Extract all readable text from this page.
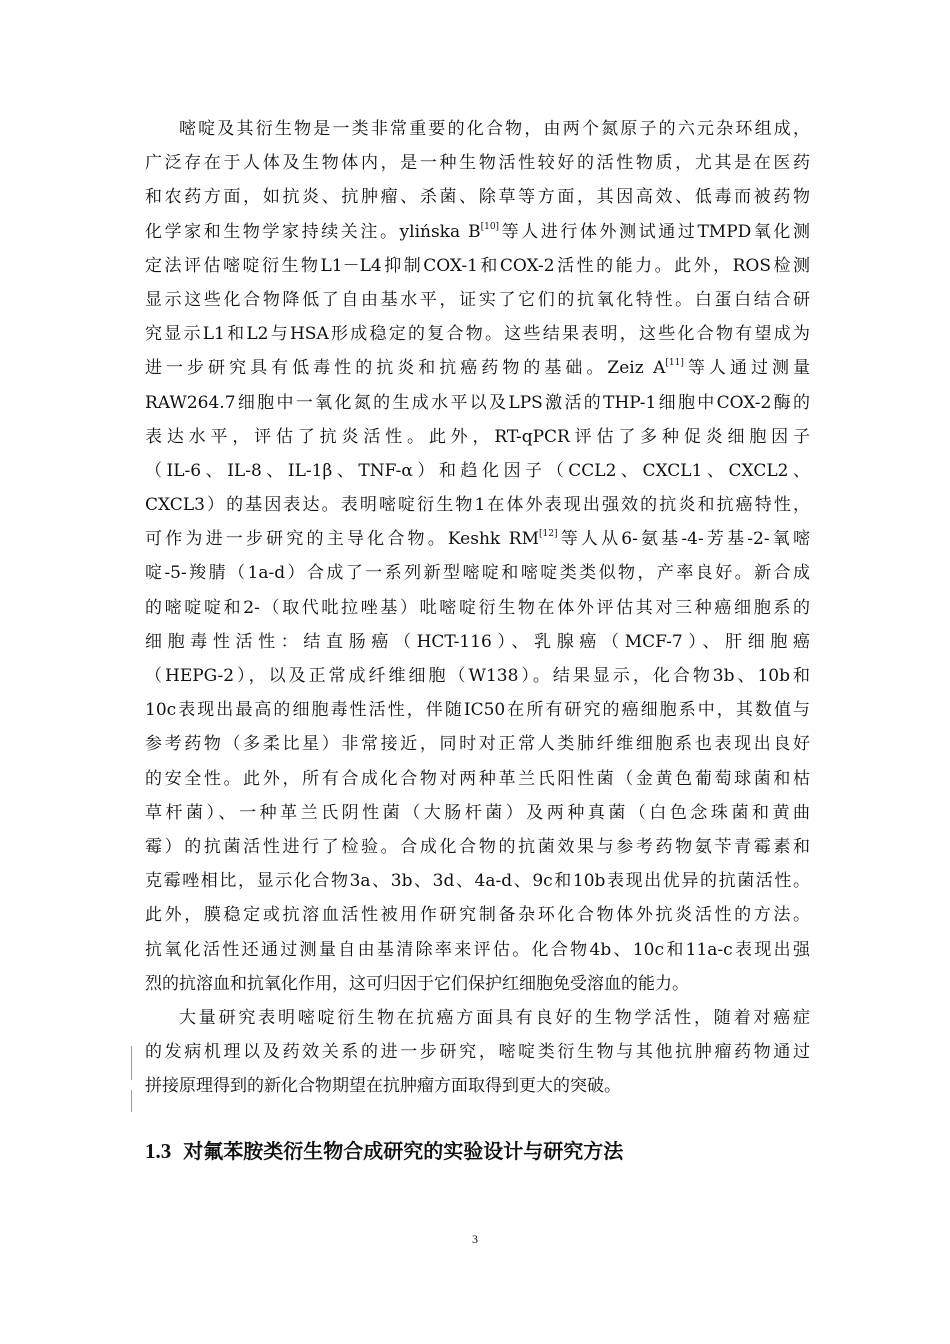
嘧啶及其衍生物是一类非常重要的化合物，由两个氮原子的六元杂环组成，
广泛存在于人体及生物体内，是一种生物活性较好的活性物质，尤其是在医药
和农药方面，如抗炎、抗肿瘤、杀菌、除草等方面，其因高效、低毒而被药物
化学家和生物学家持续关注。ylińska B[10]等人进行体外测试通过TMPD氧化测
定法评估嘧啶衍生物L1－L4抑制COX-1和COX-2活性的能力。此外，ROS检测
显示这些化合物降低了自由基水平，证实了它们的抗氧化特性。白蛋白结合研
究显示L1和L2与HSA形成稳定的复合物。这些结果表明，这些化合物有望成为
进一步研究具有低毒性的抗炎和抗癌药物的基础。Zeiz A[11]等人通过测量
RAW264.7细胞中一氧化氮的生成水平以及LPS激活的THP-1细胞中COX-2酶的
表达水平，评估了抗炎活性。此外，RT-qPCR评估了多种促炎细胞因子
（IL-6、IL-8、IL-1β、TNF-α）和趋化因子（CCL2、CXCL1、CXCL2、
CXCL3）的基因表达。表明嘧啶衍生物1在体外表现出强效的抗炎和抗癌特性，
可作为进一步研究的主导化合物。Keshk RM[12]等人从6-氨基-4-芳基-2-氧嘧
啶-5-羧腈（1a-d）合成了一系列新型嘧啶和嘧啶类类似物，产率良好。新合成
的嘧啶啶和2-（取代吡拉唑基）吡嘧啶衍生物在体外评估其对三种癌细胞系的
细胞毒性活性：结直肠癌（HCT-116）、乳腺癌（MCF-7）、肝细胞癌
（HEPG-2），以及正常成纤维细胞（W138）。结果显示，化合物3b、10b和
10c表现出最高的细胞毒性活性，伴随IC50在所有研究的癌细胞系中，其数值与
参考药物（多柔比星）非常接近，同时对正常人类肺纤维细胞系也表现出良好
的安全性。此外，所有合成化合物对两种革兰氏阳性菌（金黄色葡萄球菌和枯
草杆菌）、一种革兰氏阴性菌（大肠杆菌）及两种真菌（白色念珠菌和黄曲
霉）的抗菌活性进行了检验。合成化合物的抗菌效果与参考药物氨苄青霉素和
克霉唑相比，显示化合物3a、3b、3d、4a-d、9c和10b表现出优异的抗菌活性。
此外，膜稳定或抗溶血活性被用作研究制备杂环化合物体外抗炎活性的方法。
抗氧化活性还通过测量自由基清除率来评估。化合物4b、10c和11a-c表现出强
烈的抗溶血和抗氧化作用，这可归因于它们保护红细胞免受溶血的能力。
大量研究表明嘧啶衍生物在抗癌方面具有良好的生物学活性，随着对癌症
的发病机理以及药效关系的进一步研究，嘧啶类衍生物与其他抗肿瘤药物通过
拼接原理得到的新化合物期望在抗肿瘤方面取得到更大的突破。
1.3 对氟苯胺类衍生物合成研究的实验设计与研究方法
3
